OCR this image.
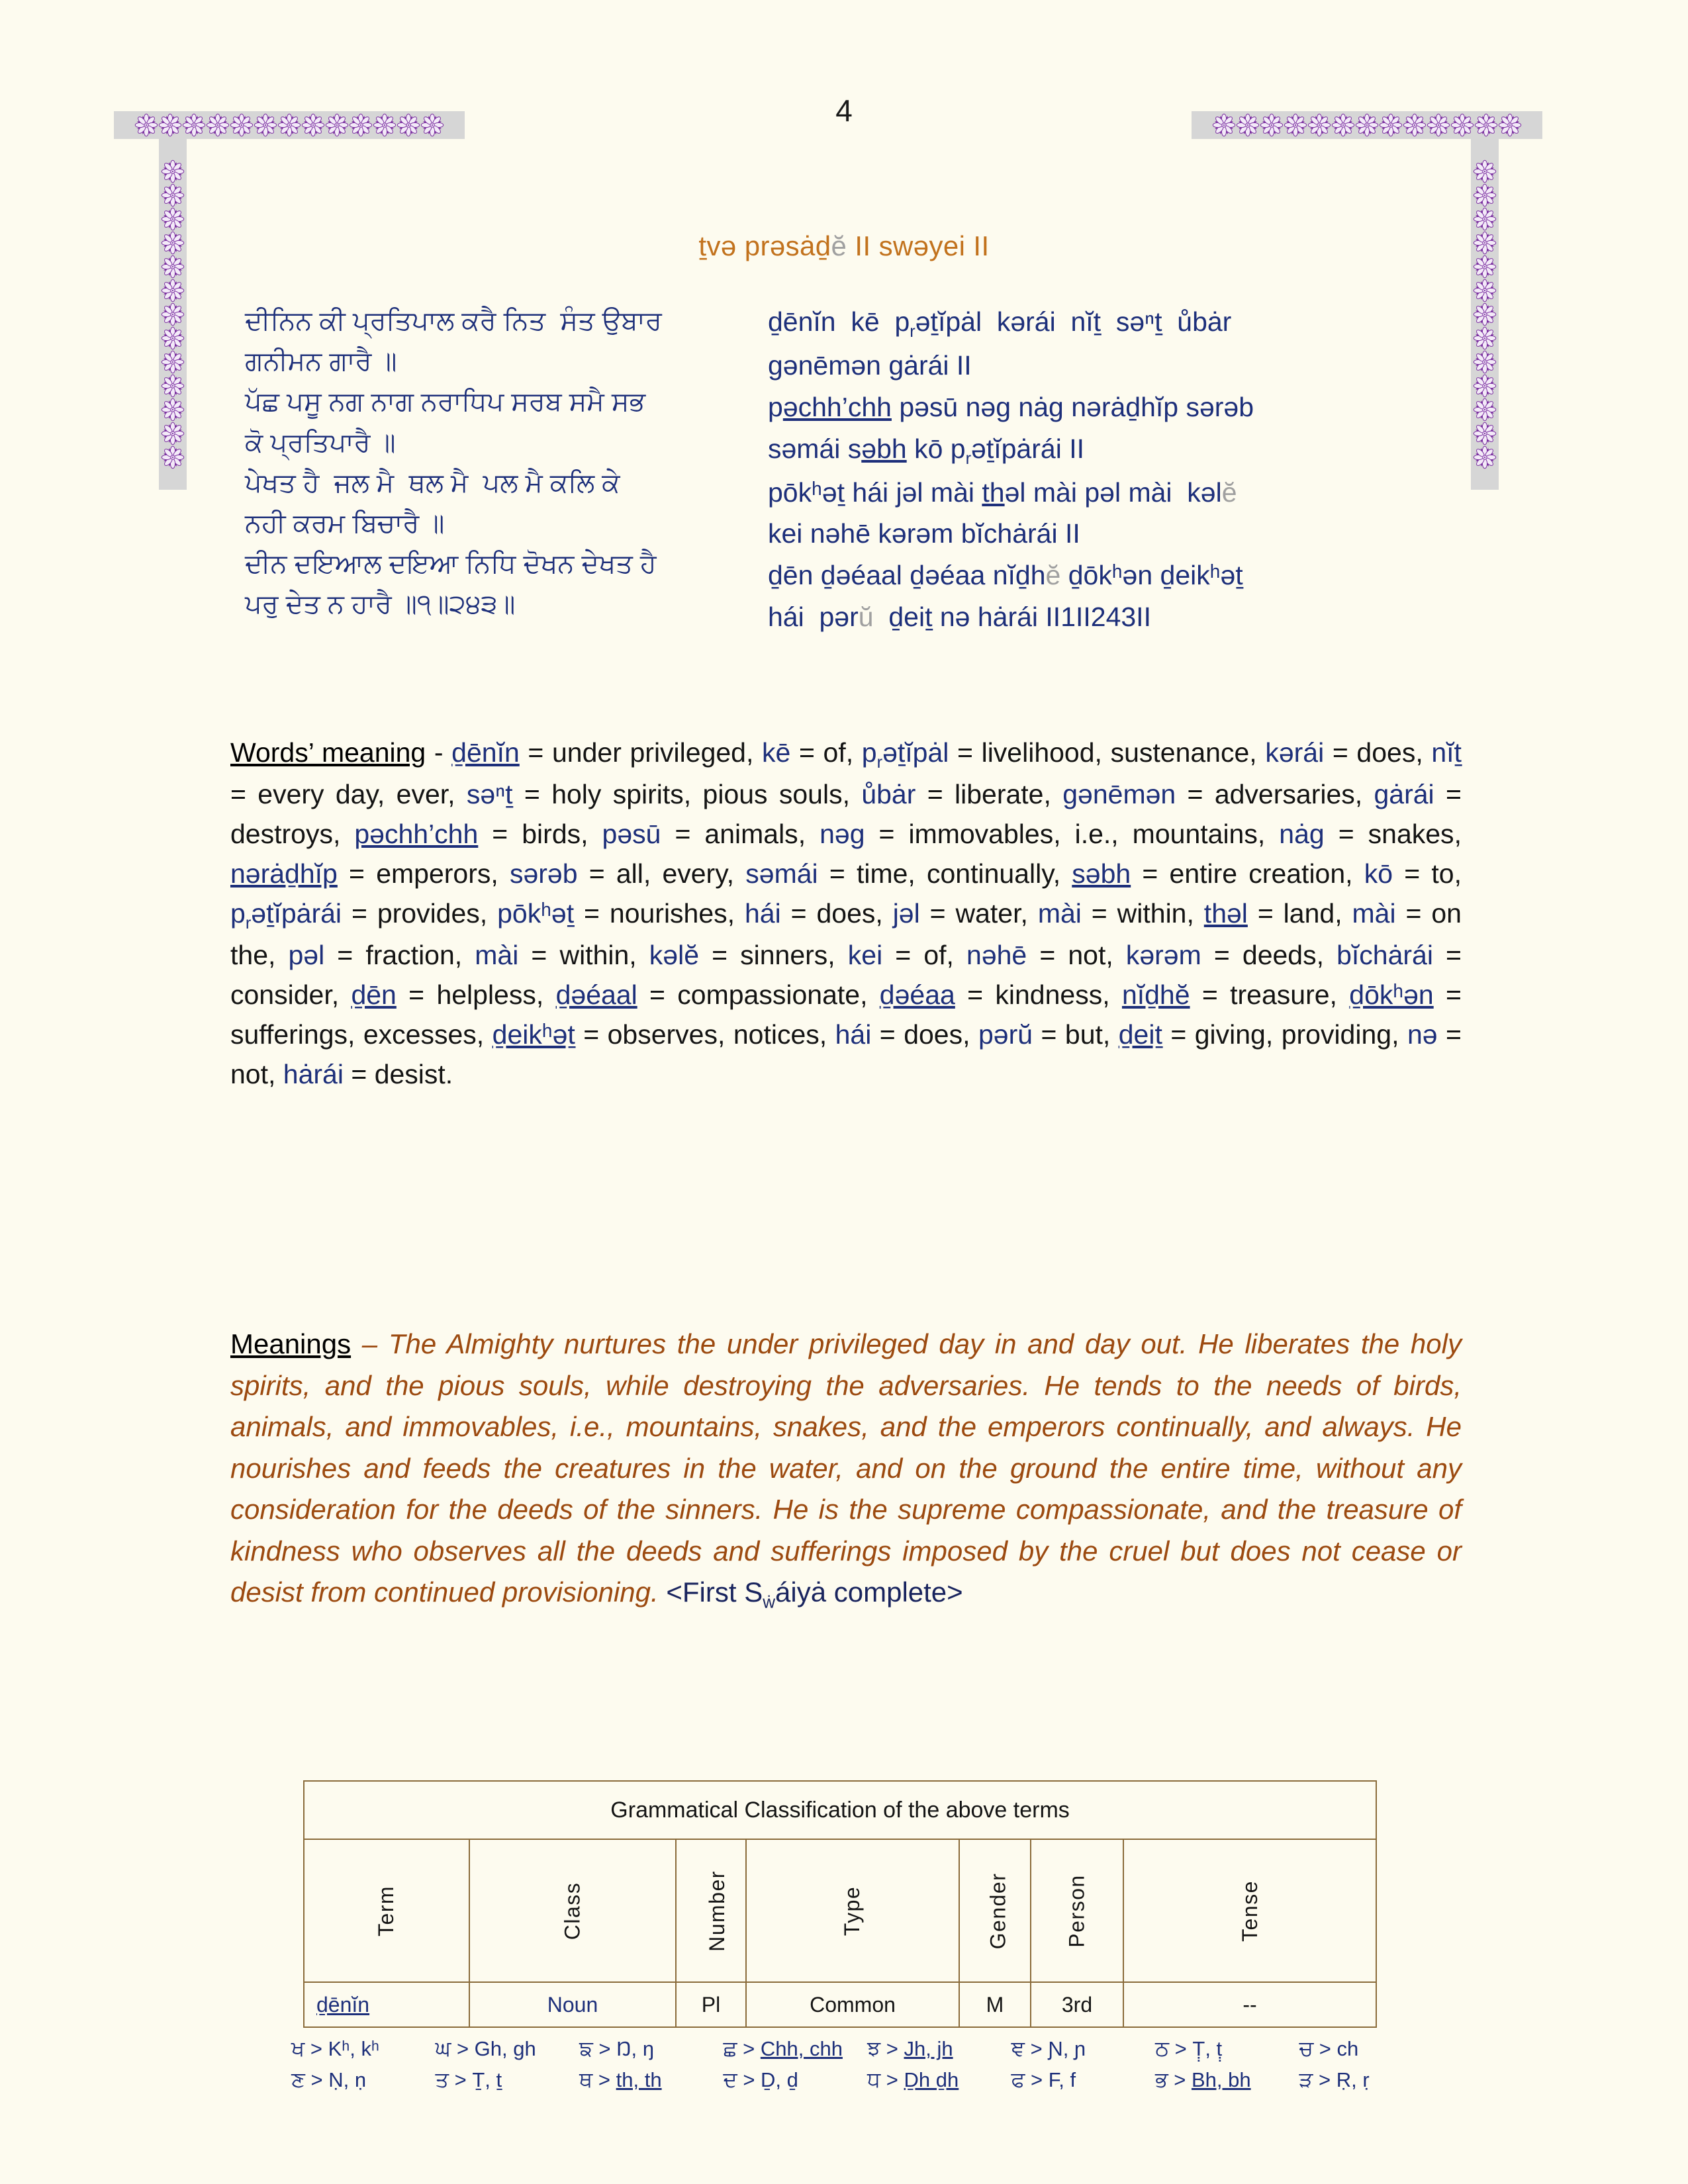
4
ṯvə prəsȧḏĕ II swəyei II
ਦੀਨਿਨ ਕੀ ਪ੍ਰਤਿਪਾਲ ਕਰੈ ਨਿਤ  ਸੰਤ ਉਬਾਰ
ਗਨੀਮਨ ਗਾਰੈ ॥
ਪੱਛ ਪਸੂ ਨਗ ਨਾਗ ਨਰਾਧਿਪ ਸਰਬ ਸਮੈ ਸਭ
ਕੋ ਪ੍ਰਤਿਪਾਰੈ ॥
ਪੇਖਤ ਹੈ  ਜਲ ਮੈ  ਥਲ ਮੈ  ਪਲ ਮੈ ਕਲਿ ਕੇ
ਨਹੀ ਕਰਮ ਬਿਚਾਰੈ ॥
ਦੀਨ ਦਇਆਲ ਦਇਆ ਨਿਧਿ ਦੋਖਨ ਦੇਖਤ ਹੈ
ਪਰੁ ਦੇਤ ਨ ਹਾਰੈ ॥੧॥੨੪੩॥
ḏēnĭn  kē  $p_rəṯĭpȧl$  kərái  nĭṯ  səⁿṯ  ůbȧr
gənēmən gȧrái II
pəchh’chh pəsū nəg nȧg nərȧḏhĭp sərəb
səmái səbh kō $p_rəṯĭpȧrái$ II
pōkʰəṯ hái jəl mài thəl mài pəl mài  kəlĕ
kei nəhē kərəm bĭchȧrái II
ḏēn ḏəéaal ḏəéaa nĭḏhĕ ḏōkʰən ḏeikʰəṯ
hái  pərŭ  ḏeiṯ nə hȧrái II1II243II
Words’ meaning - ḏēnĭn = under privileged, kē = of, $p_rəṯĭpȧl$ = livelihood, sustenance, kərái = does, nĭṯ = every day, ever, səⁿṯ = holy spirits, pious souls, ůbȧr = liberate, gənēmən = adversaries, gȧrái = destroys, pəchh’chh = birds, pəsū = animals, nəg = immovables, i.e., mountains, nȧg = snakes, nərȧḏhĭp = emperors, sərəb = all, every, səmái = time, continually, səbh = entire creation, kō = to, $p_rəṯĭpȧrái$ = provides, pōkʰəṯ = nourishes, hái = does, jəl = water, mài = within, thəl = land, mài = on the, pəl = fraction, mài = within, kəlĕ = sinners, kei = of, nəhē = not, kərəm = deeds, bĭchȧrái = consider, ḏēn = helpless, ḏəéaal = compassionate, ḏəéaa = kindness, nĭḏhĕ = treasure, ḏōkʰən = sufferings, excesses, ḏeikʰəṯ = observes, notices, hái = does, pərŭ = but, ḏeiṯ = giving, providing, nə = not, hȧrái = desist.
Meanings – The Almighty nurtures the under privileged day in and day out. He liberates the holy spirits, and the pious souls, while destroying the adversaries. He tends to the needs of birds, animals, and immovables, i.e., mountains, snakes, and the emperors continually, and always. He nourishes and feeds the creatures in the water, and on the ground the entire time, without any consideration for the deeds of the sinners. He is the supreme compassionate, and the treasure of kindness who observes all the deeds and sufferings imposed by the cruel but does not cease or desist from continued provisioning. <First $S_ẇáiyȧ$ complete>
Grammatical Classification of the above terms						
Term	Class	Number	Type	Gender	Person	Tense
ḏēnĭn	Noun	Pl	Common	M	3rd	--
ਖ > Kʰ, kʰ	ਘ > Gh, gh	ਙ > Ŋ, ŋ	ਛ > Chh, chh	ਝ > Jh, jh	ਞ > Ɲ, ɲ	ਠ > Ṭ̣, ṭ̣	ਚ > ch
ਣ > Ṇ, ṇ	ਤ > Ṯ, ṯ	ਥ > th, th	ਦ > Ḏ, ḏ	ਧ > Ḏh ḏh	ਫ > F, f	ਭ > Bh, bh	ੜ > Ṛ, ṛ
